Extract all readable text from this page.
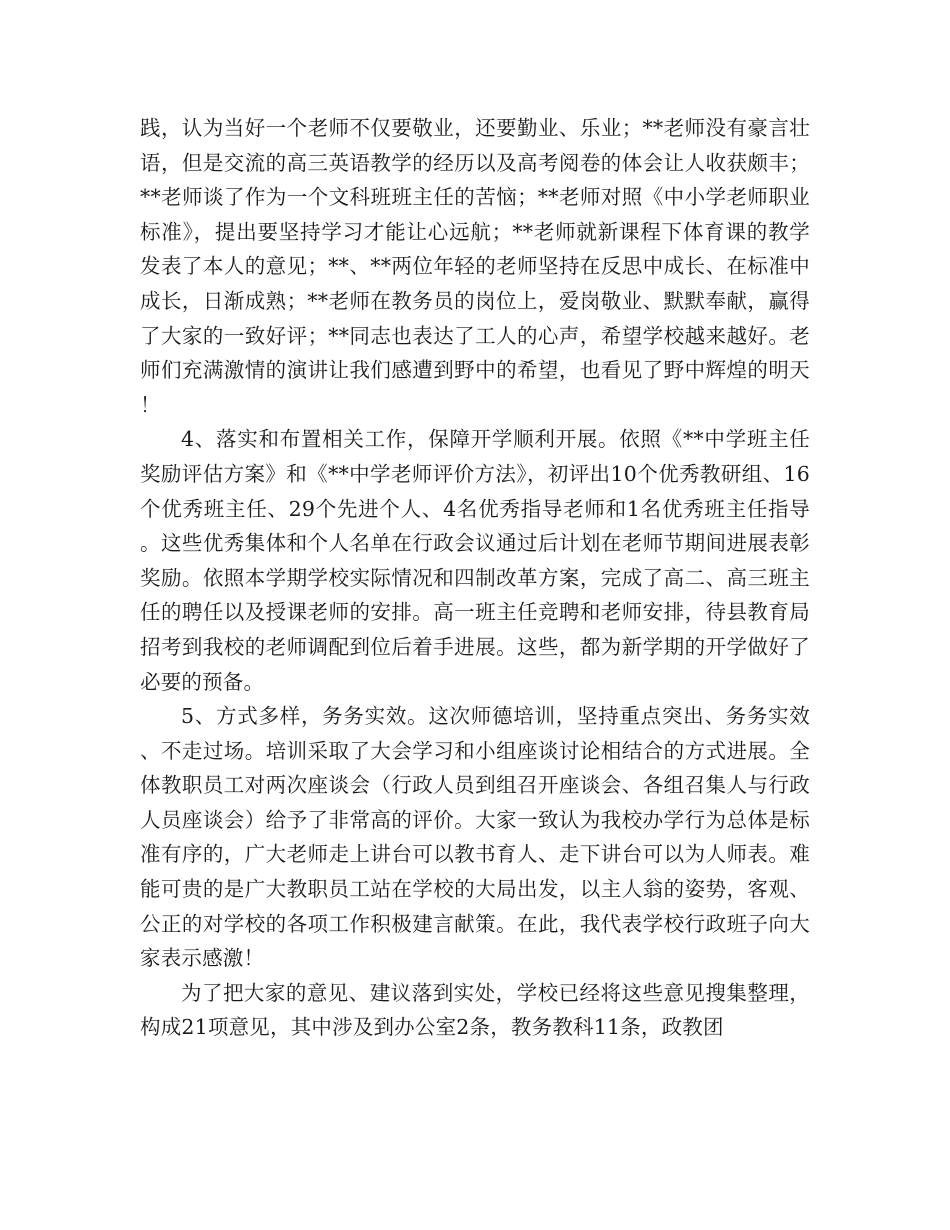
践，认为当好一个老师不仅要敬业，还要勤业、乐业；**老师没有豪言壮语，但是交流的高三英语教学的经历以及高考阅卷的体会让人收获颇丰；**老师谈了作为一个文科班班主任的苦恼；**老师对照《中小学老师职业标准》，提出要坚持学习才能让心远航；**老师就新课程下体育课的教学发表了本人的意见；**、**两位年轻的老师坚持在反思中成长、在标准中成长，日渐成熟；**老师在教务员的岗位上，爱岗敬业、默默奉献，赢得了大家的一致好评；**同志也表达了工人的心声，希望学校越来越好。老师们充满激情的演讲让我们感遭到野中的希望，也看见了野中辉煌的明天！

4、落实和布置相关工作，保障开学顺利开展。依照《**中学班主任奖励评估方案》和《**中学老师评价方法》，初评出10个优秀教研组、16个优秀班主任、29个先进个人、4名优秀指导老师和1名优秀班主任指导。这些优秀集体和个人名单在行政会议通过后计划在老师节期间进展表彰奖励。依照本学期学校实际情况和四制改革方案，完成了高二、高三班主任的聘任以及授课老师的安排。高一班主任竞聘和老师安排，待县教育局招考到我校的老师调配到位后着手进展。这些，都为新学期的开学做好了必要的预备。

5、方式多样，务务实效。这次师德培训，坚持重点突出、务务实效、不走过场。培训采取了大会学习和小组座谈讨论相结合的方式进展。全体教职员工对两次座谈会（行政人员到组召开座谈会、各组召集人与行政人员座谈会）给予了非常高的评价。大家一致认为我校办学行为总体是标准有序的，广大老师走上讲台可以教书育人、走下讲台可以为人师表。难能可贵的是广大教职员工站在学校的大局出发，以主人翁的姿势，客观、公正的对学校的各项工作积极建言献策。在此，我代表学校行政班子向大家表示感激！

为了把大家的意见、建议落到实处，学校已经将这些意见搜集整理，构成21项意见，其中涉及到办公室2条，教务教科11条，政教团
